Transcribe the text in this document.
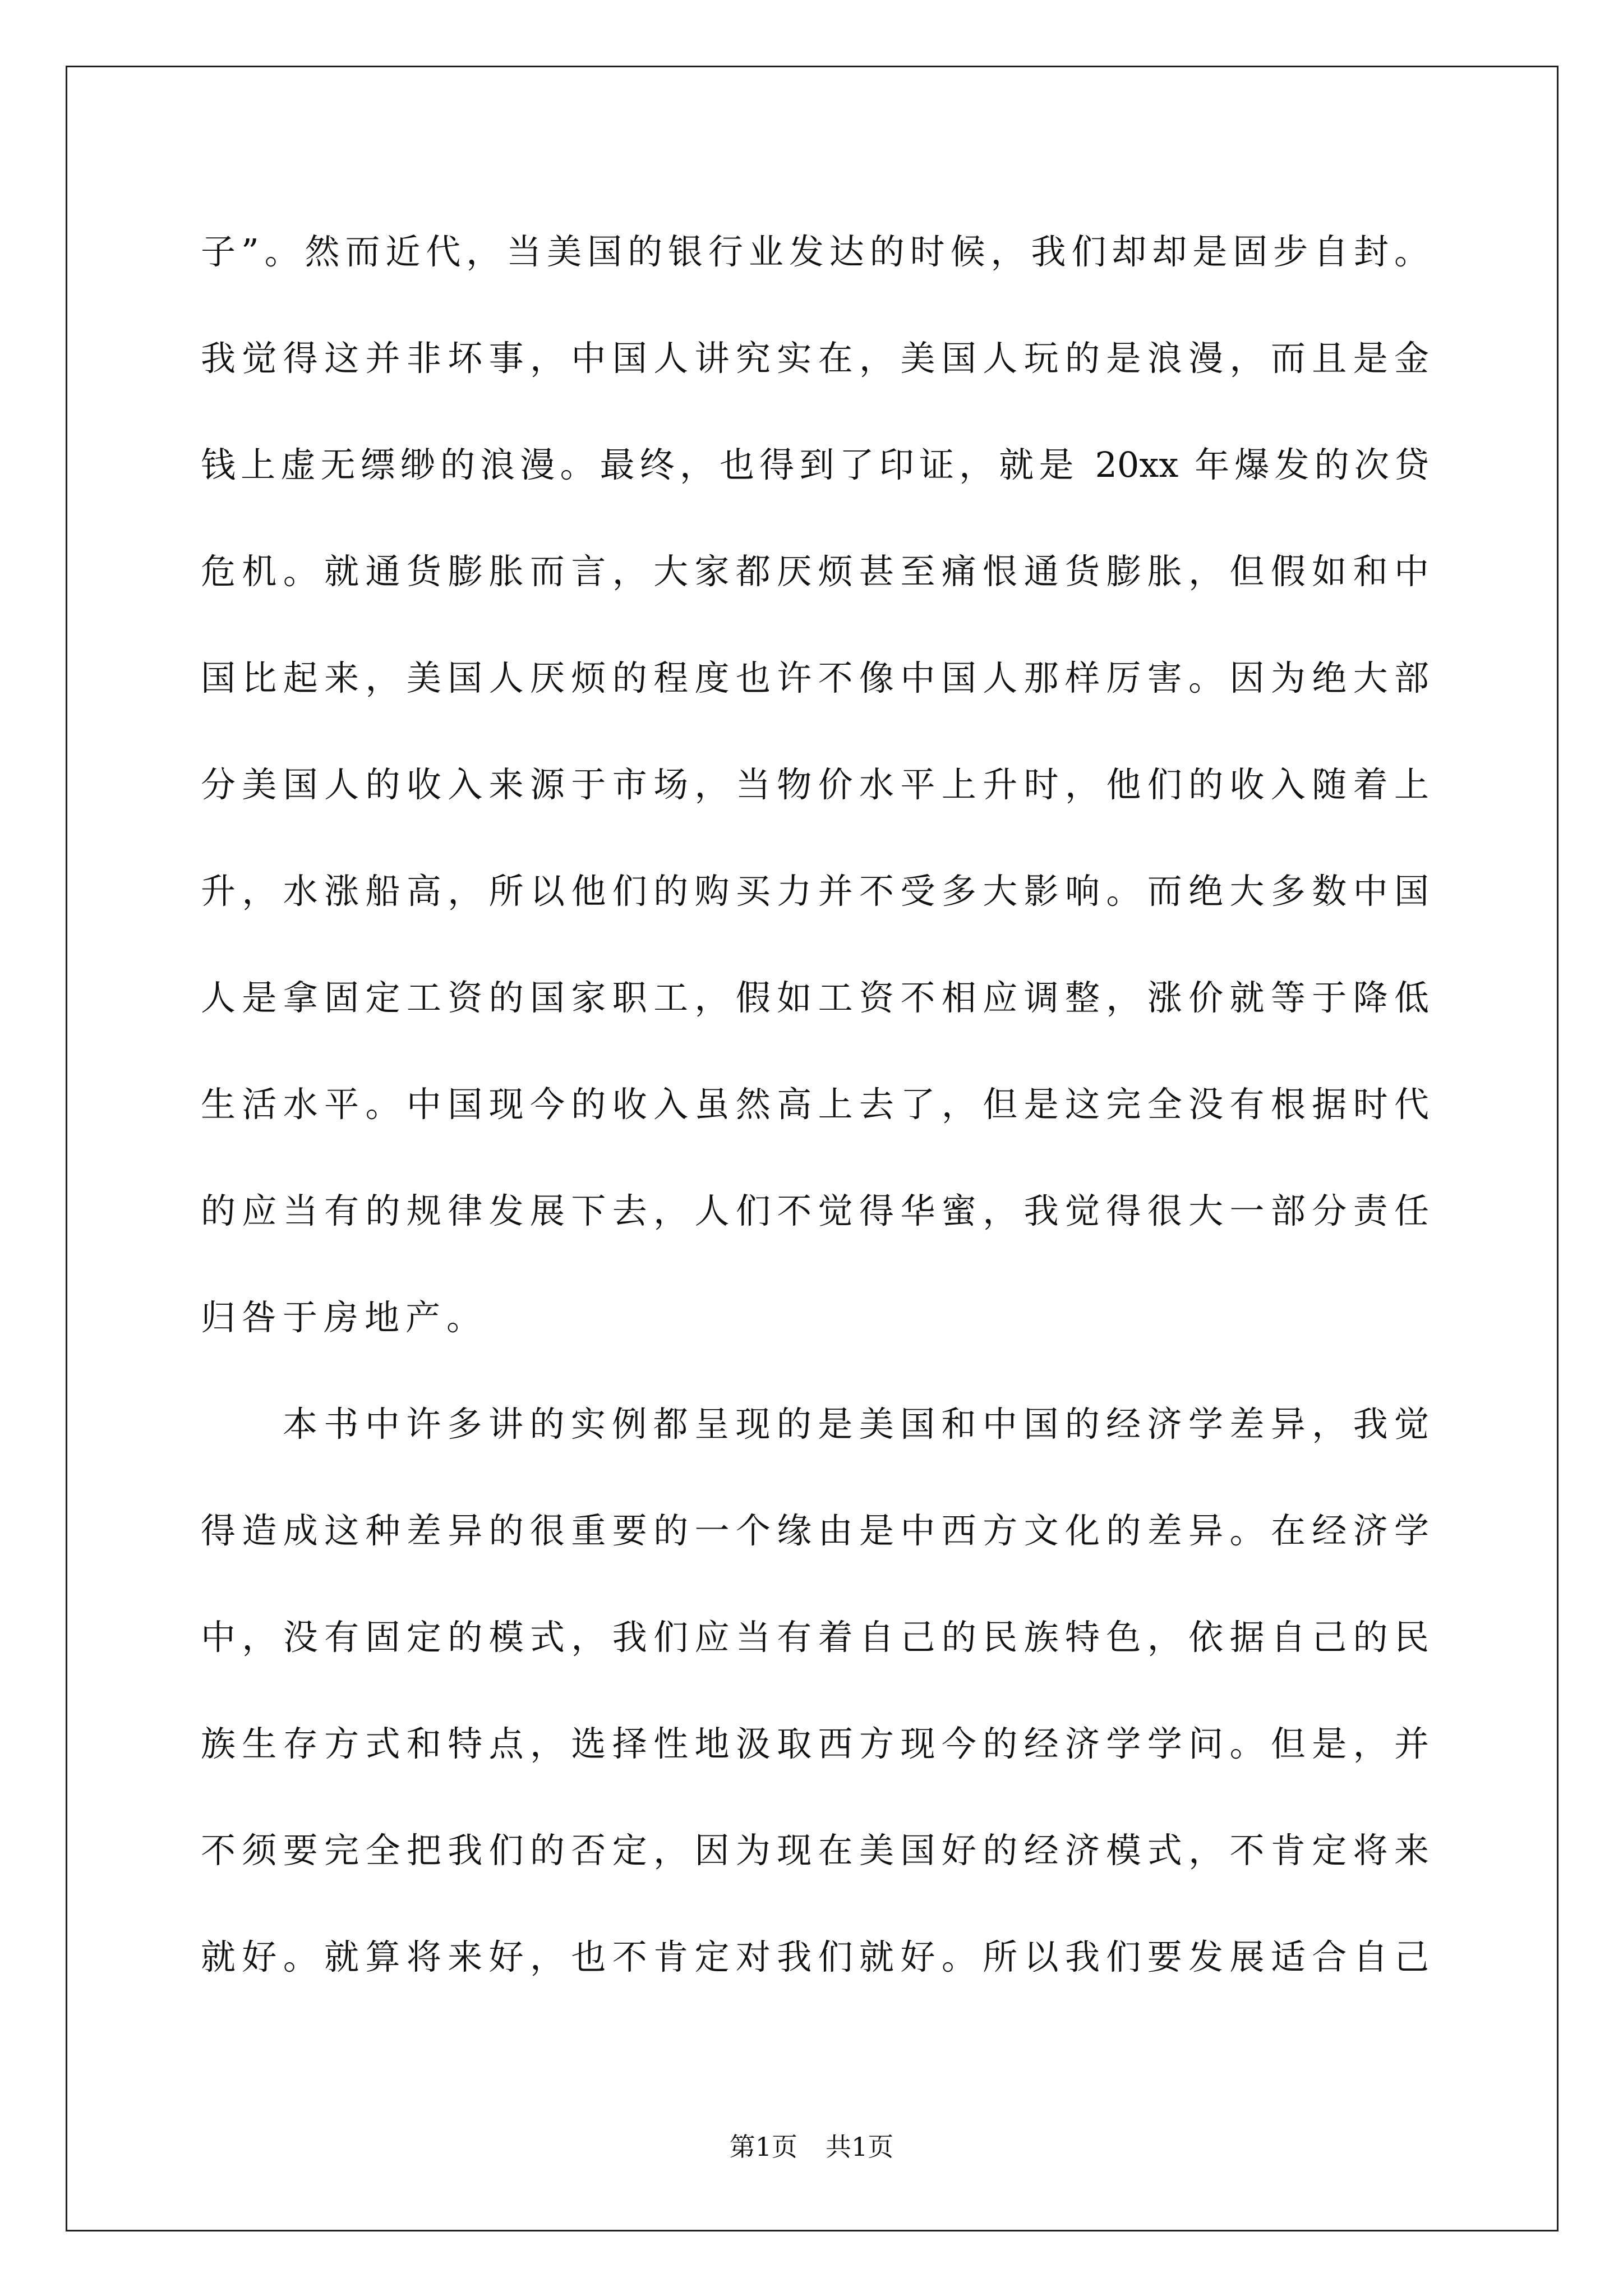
子”。然而近代，当美国的银行业发达的时候，我们却却是固步自封。
我觉得这并非坏事，中国人讲究实在，美国人玩的是浪漫，而且是金
钱上虚无缥缈的浪漫。最终，也得到了印证，就是 20xx 年爆发的次贷
危机。就通货膨胀而言，大家都厌烦甚至痛恨通货膨胀，但假如和中
国比起来，美国人厌烦的程度也许不像中国人那样厉害。因为绝大部
分美国人的收入来源于市场，当物价水平上升时，他们的收入随着上
升，水涨船高，所以他们的购买力并不受多大影响。而绝大多数中国
人是拿固定工资的国家职工，假如工资不相应调整，涨价就等于降低
生活水平。中国现今的收入虽然高上去了，但是这完全没有根据时代
的应当有的规律发展下去，人们不觉得华蜜，我觉得很大一部分责任
归咎于房地产。
本书中许多讲的实例都呈现的是美国和中国的经济学差异，我觉
得造成这种差异的很重要的一个缘由是中西方文化的差异。在经济学
中，没有固定的模式，我们应当有着自己的民族特色，依据自己的民
族生存方式和特点，选择性地汲取西方现今的经济学学问。但是，并
不须要完全把我们的否定，因为现在美国好的经济模式，不肯定将来
就好。就算将来好，也不肯定对我们就好。所以我们要发展适合自己
第1页 共1页
